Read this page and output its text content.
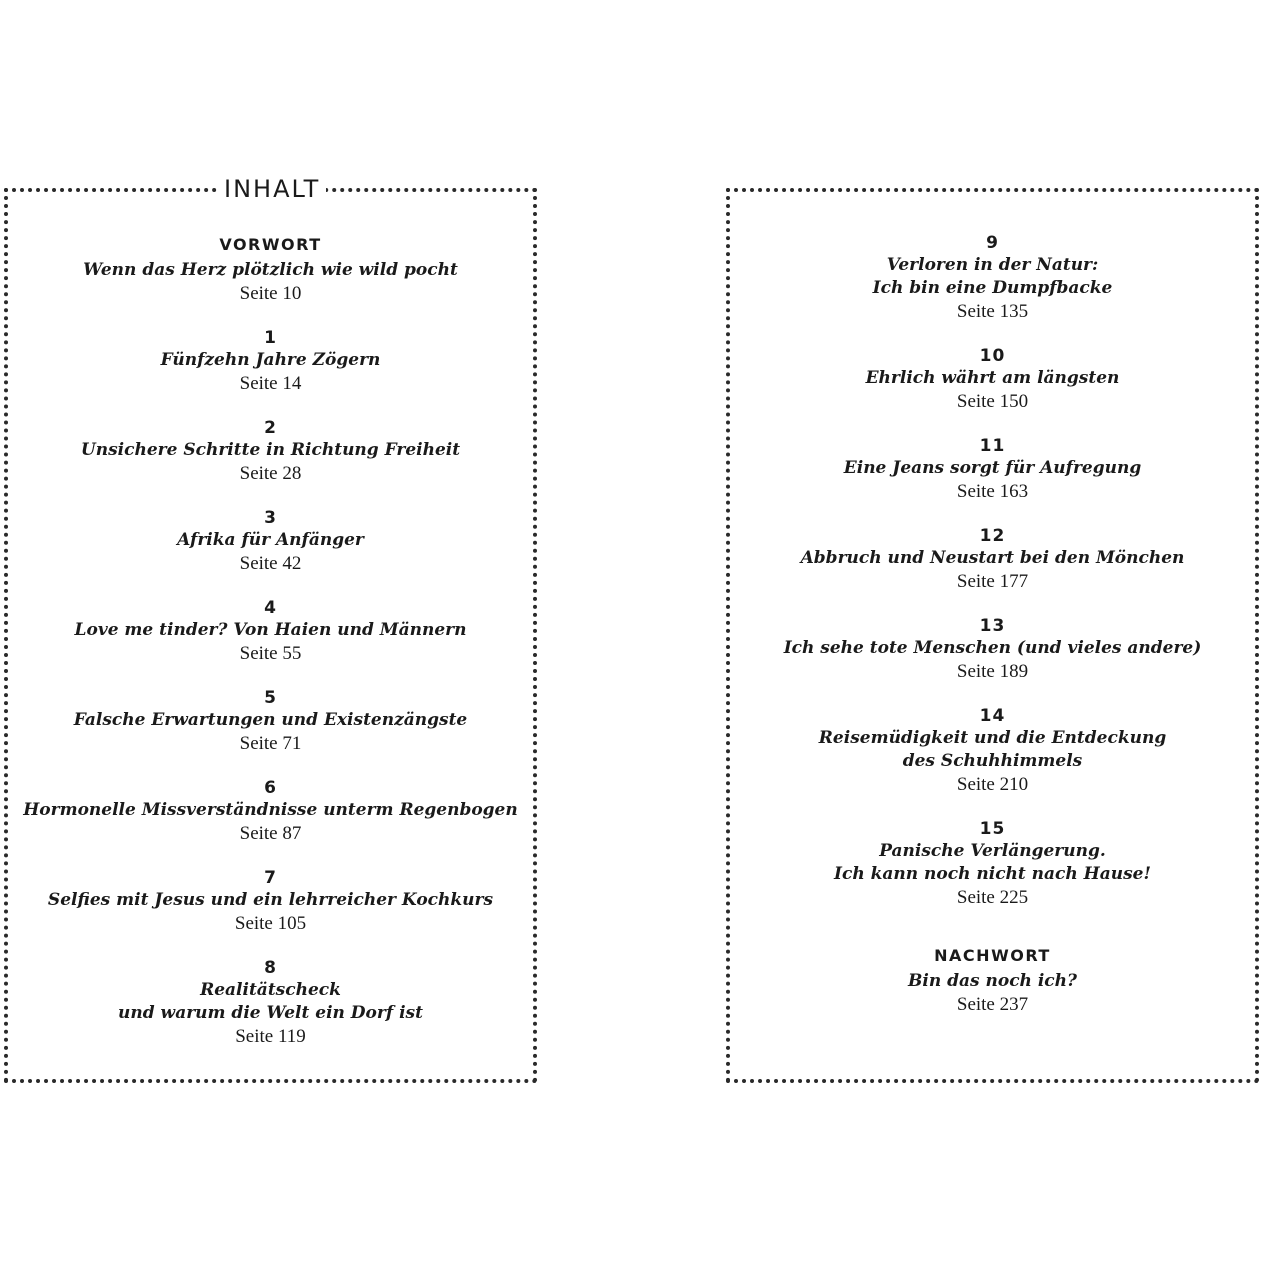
INHALT
VORWORT
Wenn das Herz plötzlich wie wild pocht
Seite 10
1
Fünfzehn Jahre Zögern
Seite 14
2
Unsichere Schritte in Richtung Freiheit
Seite 28
3
Afrika für Anfänger
Seite 42
4
Love me tinder? Von Haien und Männern
Seite 55
5
Falsche Erwartungen und Existenzängste
Seite 71
6
Hormonelle Missverständnisse unterm Regenbogen
Seite 87
7
Selfies mit Jesus und ein lehrreicher Kochkurs
Seite 105
8
Realitätscheck
und warum die Welt ein Dorf ist
Seite 119
9
Verloren in der Natur:
Ich bin eine Dumpfbacke
Seite 135
10
Ehrlich währt am längsten
Seite 150
11
Eine Jeans sorgt für Aufregung
Seite 163
12
Abbruch und Neustart bei den Mönchen
Seite 177
13
Ich sehe tote Menschen (und vieles andere)
Seite 189
14
Reisemüdigkeit und die Entdeckung
des Schuhhimmels
Seite 210
15
Panische Verlängerung.
Ich kann noch nicht nach Hause!
Seite 225
NACHWORT
Bin das noch ich?
Seite 237
